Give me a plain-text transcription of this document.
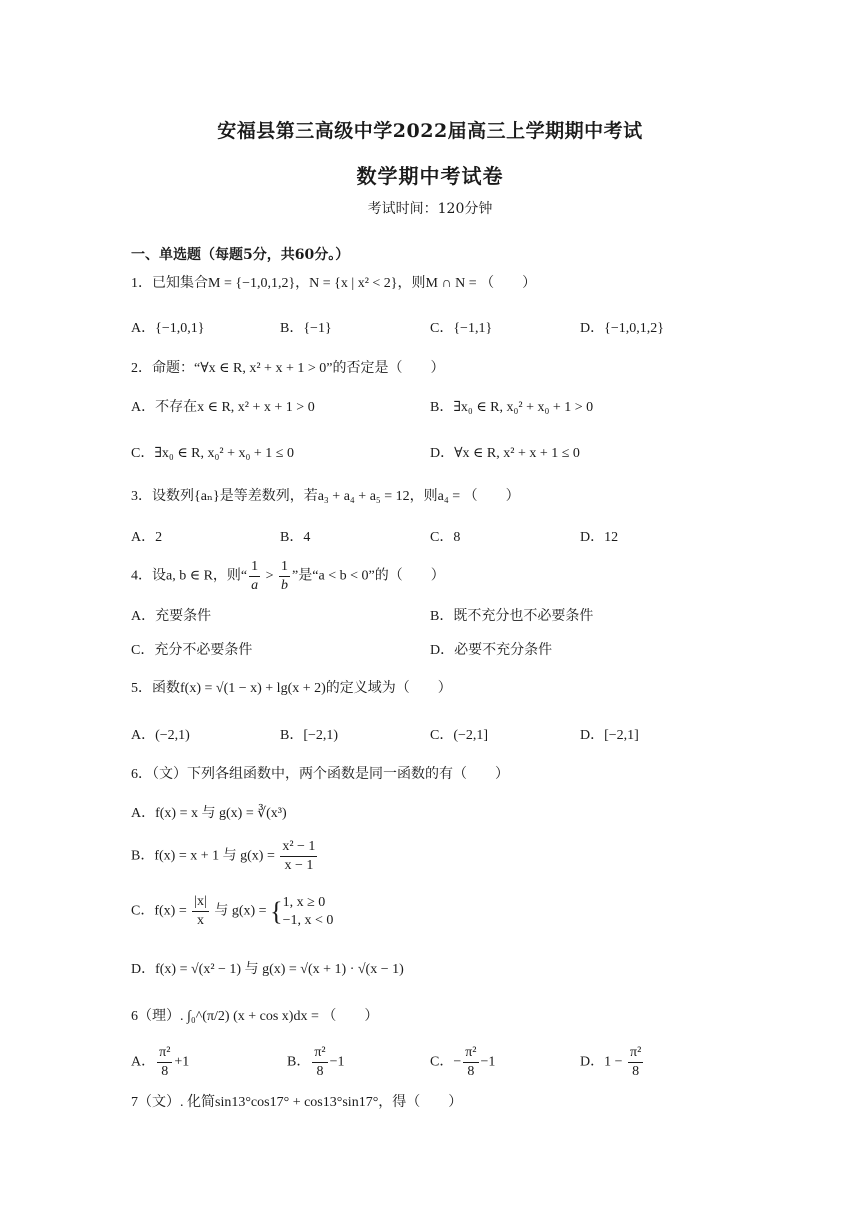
安福县第三高级中学2022届高三上学期期中考试
数学期中考试卷
考试时间：120分钟
一、单选题（每题5分，共60分。）
1．已知集合M = {−1,0,1,2}，N = {x | x² < 2}，则M ∩ N = （　　）
A．{−1,0,1}	B．{−1}	C．{−1,1}	D．{−1,0,1,2}
2．命题：“∀x ∈ R, x² + x + 1 > 0”的否定是（　　）
A．不存在x ∈ R, x² + x + 1 > 0	B．∃x₀ ∈ R, x₀² + x₀ + 1 > 0
C．∃x₀ ∈ R, x₀² + x₀ + 1 ≤ 0	D．∀x ∈ R, x² + x + 1 ≤ 0
3．设数列{aₙ}是等差数列，若a₃ + a₄ + a₅ = 12，则a₄ = （　　）
A．2	B．4	C．8	D．12
4．设a, b ∈ R，则“ $\frac{1}{a} > \frac{1}{b}$ ”是“a < b < 0”的（　　）
A．充要条件	B．既不充分也不必要条件
C．充分不必要条件	D．必要不充分条件
5．函数f(x) = √(1 − x) + lg(x + 2)的定义域为（　　）
A．(−2,1)	B．[−2,1)	C．(−2,1]	D．[−2,1]
6．（文）下列各组函数中，两个函数是同一函数的有（　　）
A．f(x) = x 与 g(x) = ∛(x³)
B．f(x) = x + 1 与 $g(x) = \frac{\text{x² − 1}}{x - 1}$
C．$f(x) = \frac{|x|}{x}$ 与 g(x) = { 1, x ≥ 0
−1, x < 0
D．f(x) = √(x² − 1) 与 g(x) = √(x + 1) · √(x − 1)
6（理）. ∫₀^(π/2) (x + cos x)dx = （　　）
A． $\frac{\text{π²}}{8} +1$	B． $\frac{\text{π²}}{8} -1$	C．− $\frac{\text{π²}}{8} -1$	D．$1 - \frac{\text{π²}}{8}$
7（文）. 化简sin13°cos17° + cos13°sin17°，得（　　）
